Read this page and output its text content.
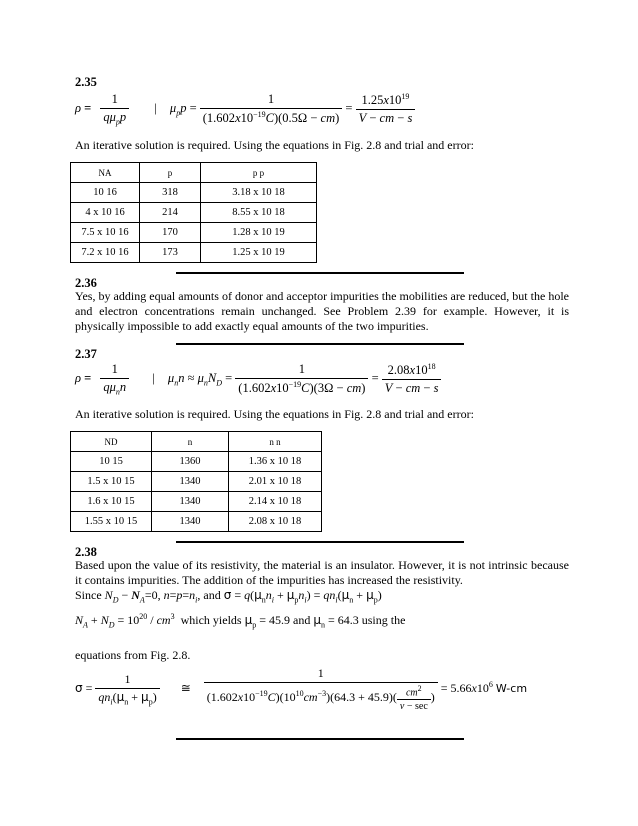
2.35
$\rho = \frac{1}{q\mu_pp}$ | $\mu_pp = \frac{1}{(1.602x10^{-19}C)(0.5\Omega - cm)} = \frac{1.25x10^{19}}{V - cm - s}$
An iterative solution is required. Using the equations in Fig. 2.8 and trial and error:
NA	p	p p
10 16	318	3.18 x 10 18
4 x 10 16	214	8.55 x 10 18
7.5 x 10 16	170	1.28 x 10 19
7.2 x 10 16	173	1.25 x 10 19
2.36
Yes, by adding equal amounts of donor and acceptor impurities the mobilities are reduced, but the hole and electron concentrations remain unchanged. See Problem 2.39 for example. However, it is physically impossible to add exactly equal amounts of the two impurities.
2.37
$\rho = \frac{1}{q\mu_nn}$ | $\mu_nn \approx \mu_nN_D = \frac{1}{(1.602x10^{-19}C)(3\Omega - cm)} = \frac{2.08x10^{18}}{V - cm - s}$
An iterative solution is required. Using the equations in Fig. 2.8 and trial and error:
ND	n	n n
10 15	1360	1.36 x 10 18
1.5 x 10 15	1340	2.01 x 10 18
1.6 x 10 15	1340	2.14 x 10 18
1.55 x 10 15	1340	2.08 x 10 18
2.38
Based upon the value of its resistivity, the material is an insulator. However, it is not intrinsic because it contains impurities. The addition of the impurities has increased the resistivity.
Since $N_D - N_A=0$, $n=p=n_i$, and $\sigma = q(\mu_nn_i + \mu_pn_i) = qn_i(\mu_n + \mu_p)$
$N_A + N_D = 10^{20} / cm^3$  which yields $\mu_p = 45.9$ and $\mu_n = 64.3$ using the
equations from Fig. 2.8.
$\sigma = \frac{1}{qn_i(\mu_n + \mu_p)}$ ≅ $\frac{1}{(1.602x10^{-19}C)(10^{10}cm^{-3})(64.3 + 45.9)( \frac{cm^2}{v - \sec} )} = 5.66x10^6$ W-cm
